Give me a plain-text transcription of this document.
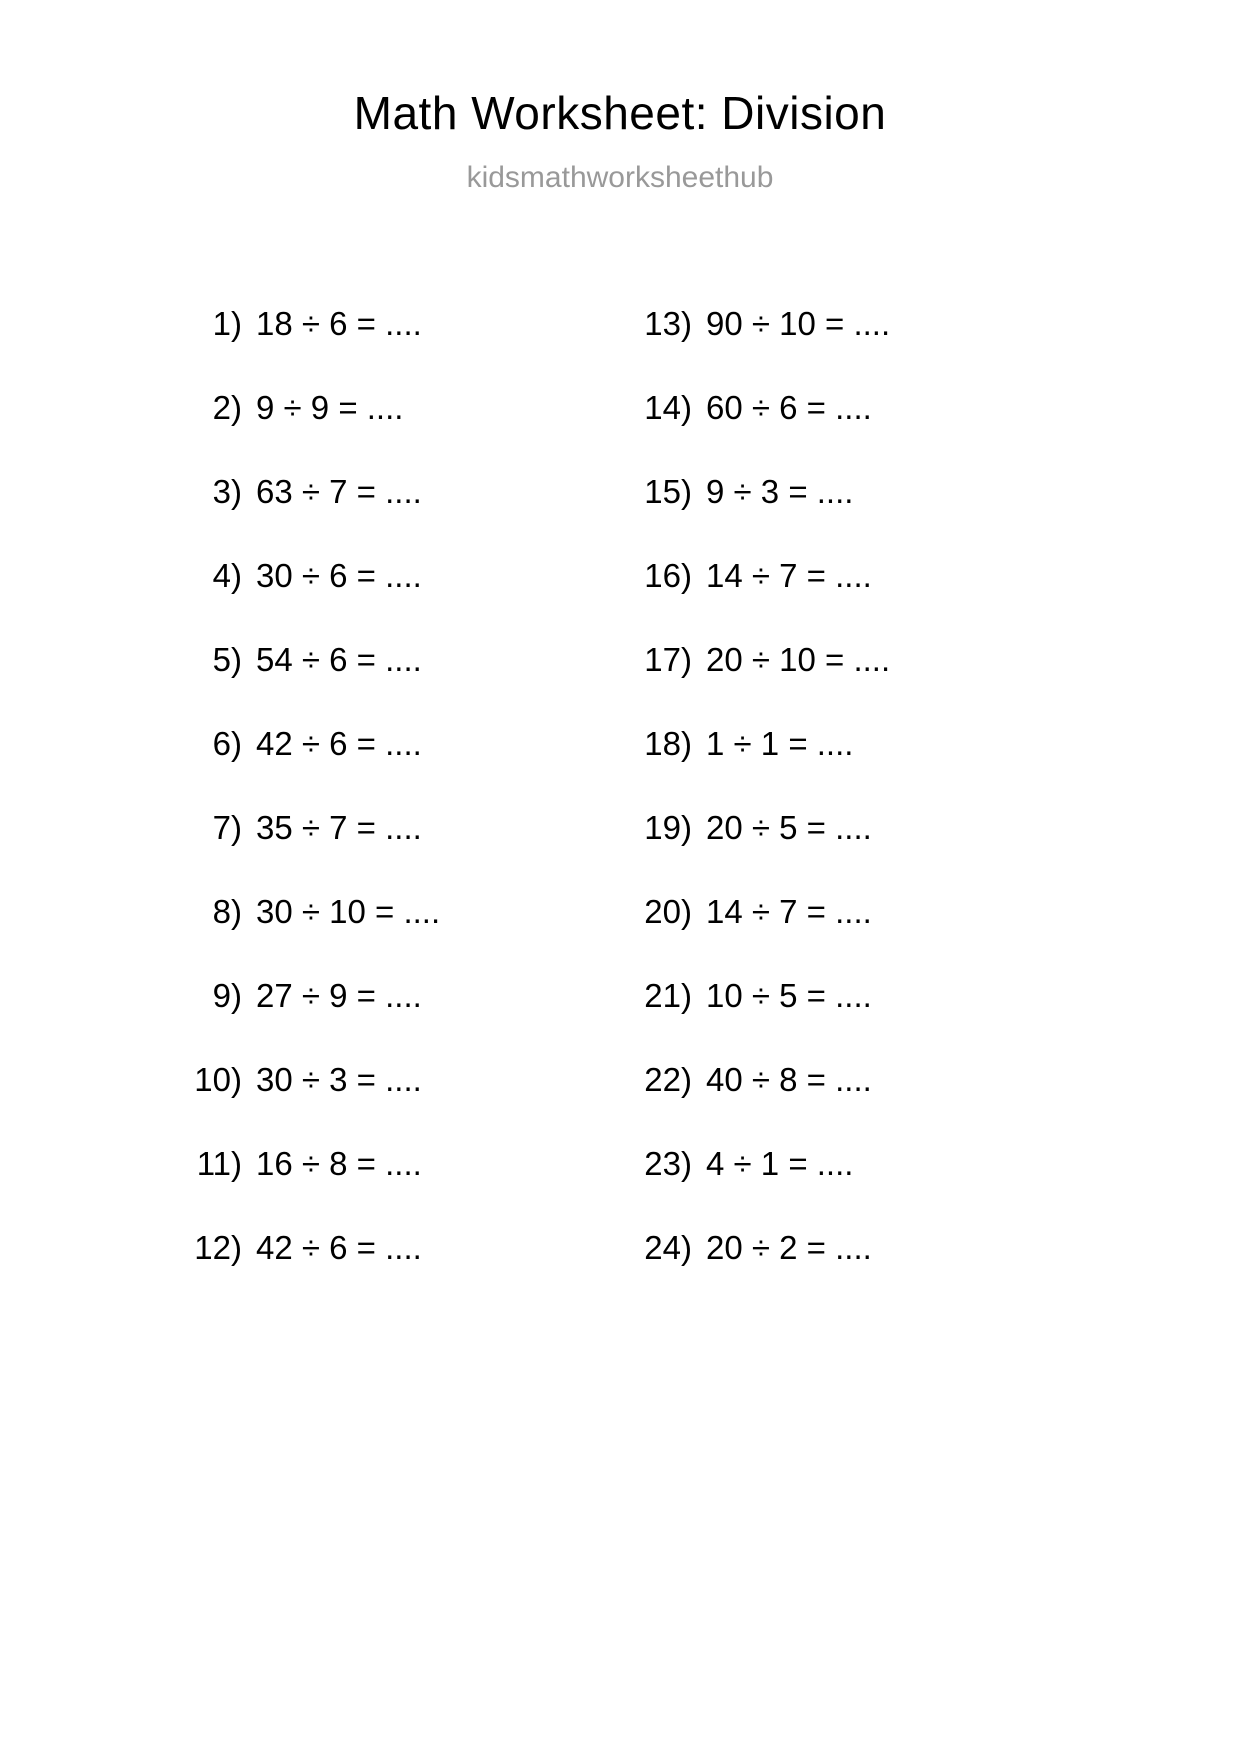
Math Worksheet: Division
kidsmathworksheethub
1) 18 ÷ 6 = ....
2) 9 ÷ 9 = ....
3) 63 ÷ 7 = ....
4) 30 ÷ 6 = ....
5) 54 ÷ 6 = ....
6) 42 ÷ 6 = ....
7) 35 ÷ 7 = ....
8) 30 ÷ 10 = ....
9) 27 ÷ 9 = ....
10) 30 ÷ 3 = ....
11) 16 ÷ 8 = ....
12) 42 ÷ 6 = ....
13) 90 ÷ 10 = ....
14) 60 ÷ 6 = ....
15) 9 ÷ 3 = ....
16) 14 ÷ 7 = ....
17) 20 ÷ 10 = ....
18) 1 ÷ 1 = ....
19) 20 ÷ 5 = ....
20) 14 ÷ 7 = ....
21) 10 ÷ 5 = ....
22) 40 ÷ 8 = ....
23) 4 ÷ 1 = ....
24) 20 ÷ 2 = ....
